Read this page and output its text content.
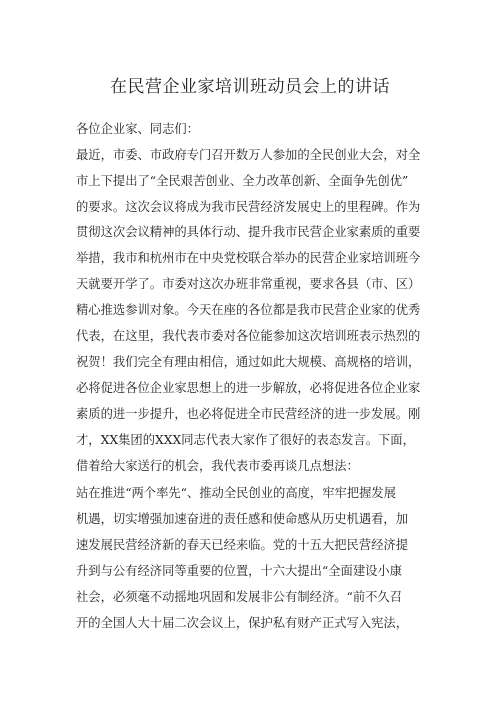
在民营企业家培训班动员会上的讲话
各位企业家、同志们：
最近，市委、市政府专门召开数万人参加的全民创业大会，对全
市上下提出了“全民艰苦创业、全力改革创新、全面争先创优”
的要求。这次会议将成为我市民营经济发展史上的里程碑。作为
贯彻这次会议精神的具体行动、提升我市民营企业家素质的重要
举措，我市和杭州市在中央党校联合举办的民营企业家培训班今
天就要开学了。市委对这次办班非常重视，要求各县（市、区）
精心推选参训对象。今天在座的各位都是我市民营企业家的优秀
代表，在这里，我代表市委对各位能参加这次培训班表示热烈的
祝贺！我们完全有理由相信，通过如此大规模、高规格的培训，
必将促进各位企业家思想上的进一步解放，必将促进各位企业家
素质的进一步提升，也必将促进全市民营经济的进一步发展。刚
才，XX集团的XXX同志代表大家作了很好的表态发言。下面，
借着给大家送行的机会，我代表市委再谈几点想法：
站在推进“两个率先“、推动全民创业的高度，牢牢把握发展
机遇，切实增强加速奋进的责任感和使命感从历史机遇看，加
速发展民营经济新的春天已经来临。党的十五大把民营经济提
升到与公有经济同等重要的位置，十六大提出“全面建设小康
社会，必须毫不动摇地巩固和发展非公有制经济。“前不久召
开的全国人大十届二次会议上，保护私有财产正式写入宪法，
